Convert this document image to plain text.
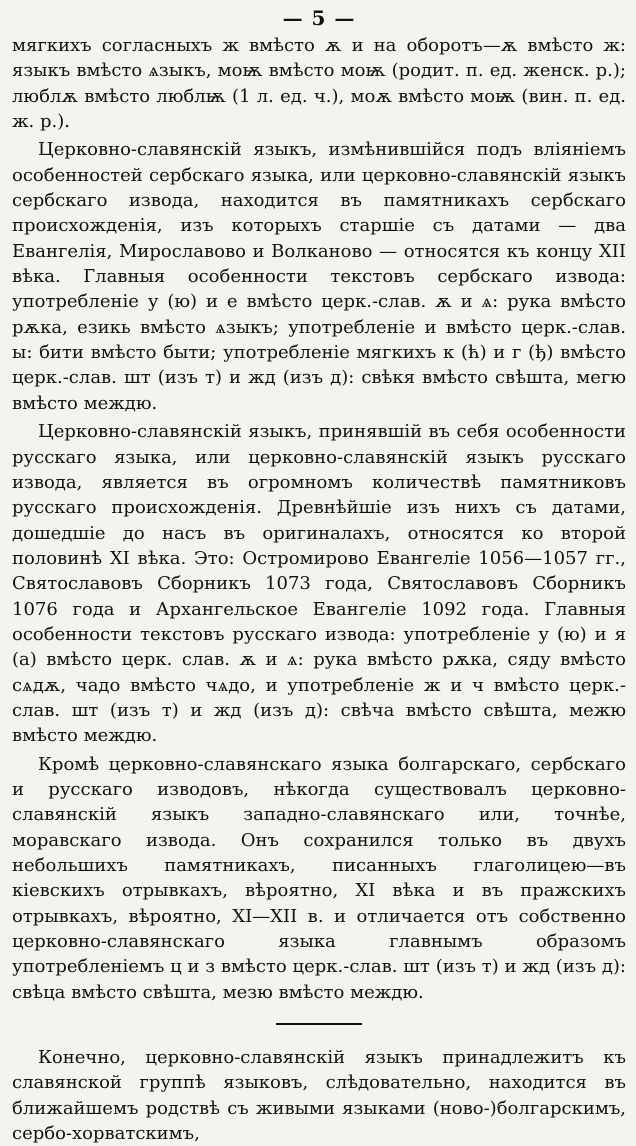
— 5 —

мягкихъ согласныхъ ж вмѣсто ѫ и на оборотъ—ѫ вмѣсто ж: языкъ вмѣсто ѧзыкъ, моѭ вмѣсто моѭ (родит. п. ед. женск. р.); люблѫ вмѣсто люблѭ (1 л. ед. ч.), моѫ вмѣсто моѭ (вин. п. ед. ж. р.).

Церковно-славянскій языкъ, измѣнившійся подъ вліяніемъ особенностей сербскаго языка, или церковно-славянскій языкъ сербскаго извода, находится въ памятникахъ сербскаго происхожденія, изъ которыхъ старшіе съ датами — два Евангелія, Мирославово и Волканово — относятся къ концу XII вѣка. Главныя особенности текстовъ сербскаго извода: употребленіе у (ю) и е вмѣсто церк.-слав. ѫ и ѧ: рука вмѣсто рѫка, езикь вмѣсто ѧзыкъ; употребленіе и вмѣсто церк.-слав. ы: бити вмѣсто быти; употребленіе мягкихъ к (ћ) и г (ђ) вмѣсто церк.-слав. шт (изъ т) и жд (изъ д): свѣкя вмѣсто свѣшта, мегю вмѣсто междю.

Церковно-славянскій языкъ, принявшій въ себя особенности русскаго языка, или церковно-славянскій языкъ русскаго извода, является въ огромномъ количествѣ памятниковъ русскаго происхожденія. Древнѣйшіе изъ нихъ съ датами, дошедшіе до насъ въ оригиналахъ, относятся ко второй половинѣ XI вѣка. Это: Остромирово Евангеліе 1056—1057 гг., Святославовъ Сборникъ 1073 года, Святославовъ Сборникъ 1076 года и Архангельское Евангеліе 1092 года. Главныя особенности текстовъ русскаго извода: употребленіе у (ю) и я (а) вмѣсто церк. слав. ѫ и ѧ: рука вмѣсто рѫка, сяду вмѣсто сѧдѫ, чадо вмѣсто чѧдо, и употребленіе ж и ч вмѣсто церк.-слав. шт (изъ т) и жд (изъ д): свѣча вмѣсто свѣшта, межю вмѣсто междю.

Кромѣ церковно-славянскаго языка болгарскаго, сербскаго и русскаго изводовъ, нѣкогда существовалъ церковно-славянскій языкъ западно-славянскаго или, точнѣе, моравскаго извода. Онъ сохранился только въ двухъ небольшихъ памятникахъ, писанныхъ глаголицею—въ кіевскихъ отрывкахъ, вѣроятно, XI вѣка и въ пражскихъ отрывкахъ, вѣроятно, XI—XII в. и отличается отъ собственно церковно-славянскаго языка главнымъ образомъ употребленіемъ ц и з вмѣсто церк.-слав. шт (изъ т) и жд (изъ д): свѣца вмѣсто свѣшта, мезю вмѣсто междю.

Конечно, церковно-славянскій языкъ принадлежитъ къ славянской группѣ языковъ, слѣдовательно, находится въ ближайшемъ родствѣ съ живыми языками (ново-)болгарскимъ, сербо-хорватскимъ,
